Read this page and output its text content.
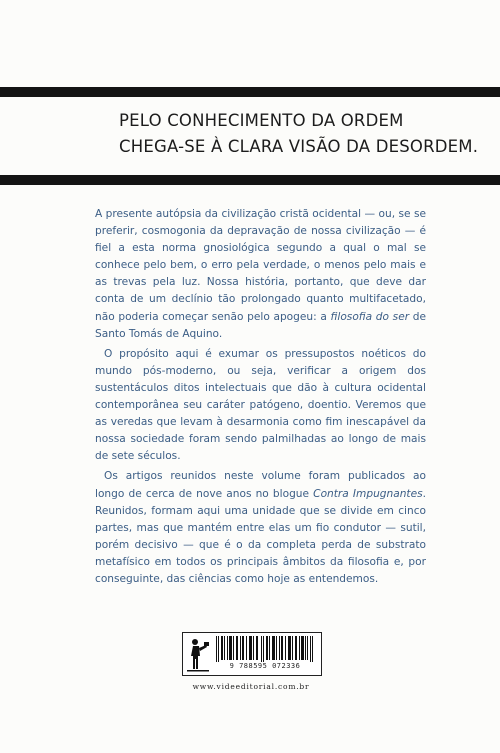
PELO CONHECIMENTO DA ORDEM
CHEGA-SE À CLARA VISÃO DA DESORDEM.

A presente autópsia da civilização cristã ocidental — ou, se se preferir, cosmogonia da depravação de nossa civilização — é fiel a esta norma gnosiológica segundo a qual o mal se conhece pelo bem, o erro pela verdade, o menos pelo mais e as trevas pela luz. Nossa história, portanto, que deve dar conta de um declínio tão prolongado quanto multifacetado, não poderia começar senão pelo apogeu: a filosofia do ser de Santo Tomás de Aquino.

O propósito aqui é exumar os pressupostos noéticos do mundo pós-moderno, ou seja, verificar a origem dos sustentáculos ditos intelectuais que dão à cultura ocidental contemporânea seu caráter patógeno, doentio. Veremos que as veredas que levam à desarmonia como fim inescapável da nossa sociedade foram sendo palmilhadas ao longo de mais de sete séculos.

Os artigos reunidos neste volume foram publicados ao longo de cerca de nove anos no blogue Contra Impugnantes. Reunidos, formam aqui uma unidade que se divide em cinco partes, mas que mantém entre elas um fio condutor — sutil, porém decisivo — que é o da completa perda de substrato metafísico em todos os principais âmbitos da filosofia e, por conseguinte, das ciências como hoje as entendemos.

9 788595 072336
www.videeditorial.com.br
